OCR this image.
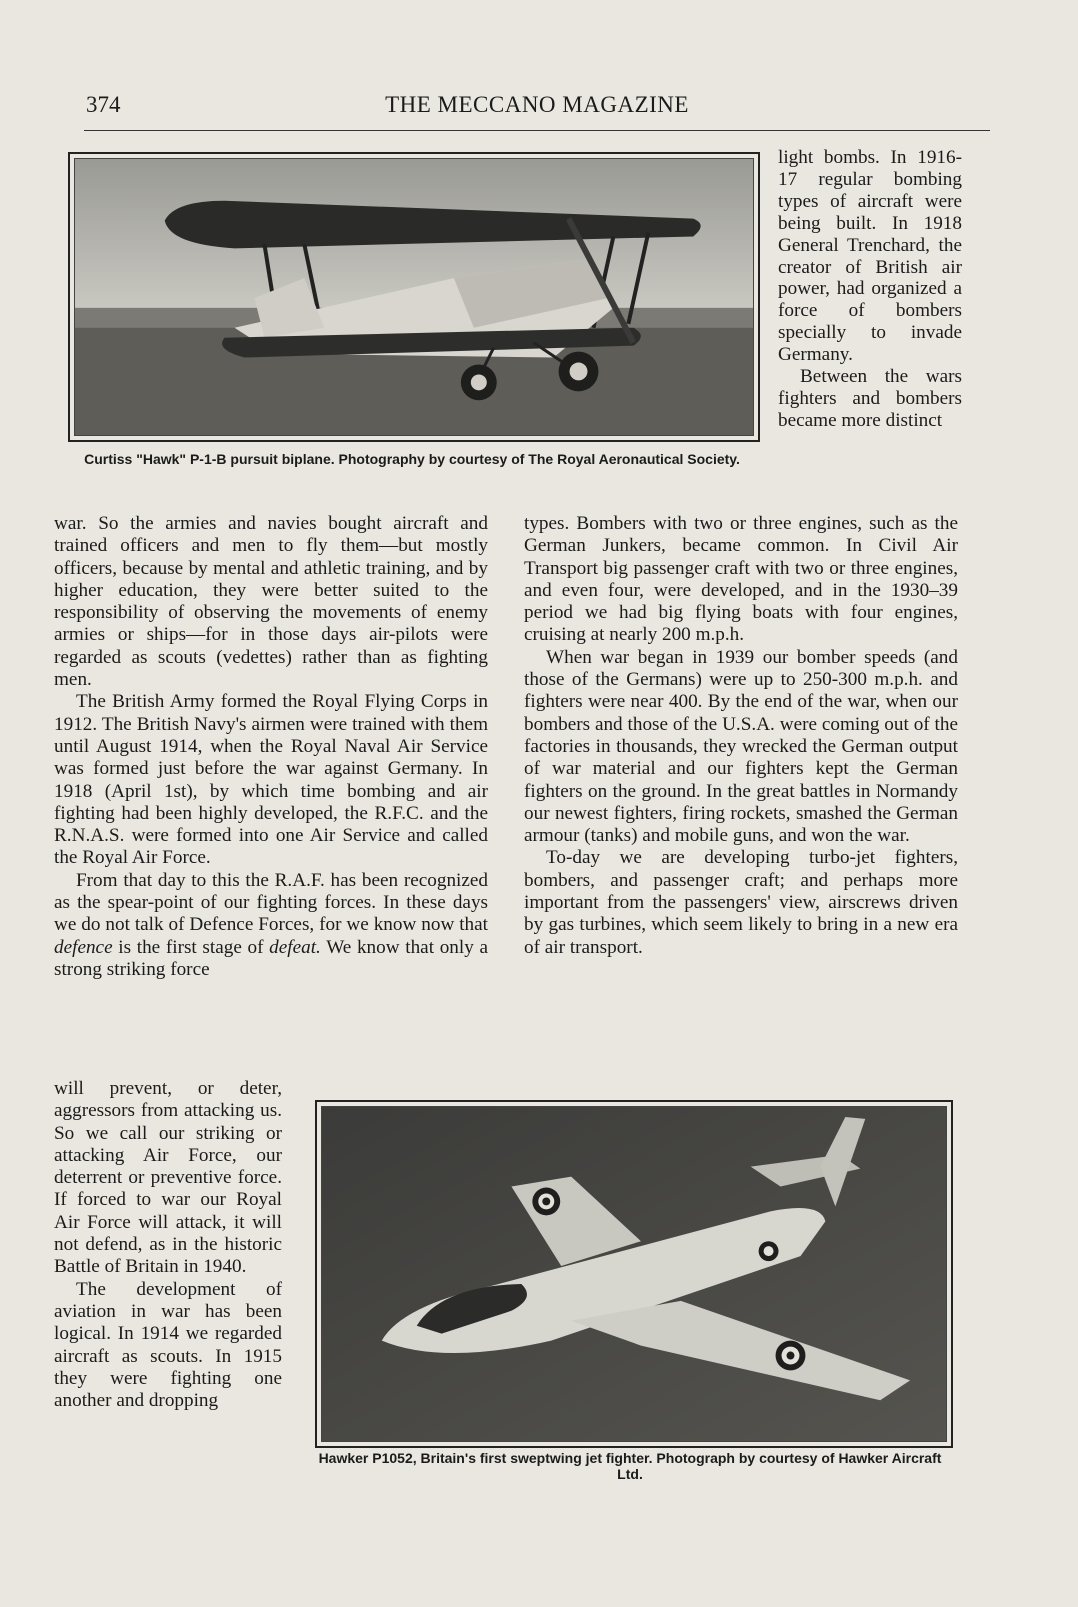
374	THE MECCANO MAGAZINE
Curtiss "Hawk" P-1-B pursuit biplane. Photography by courtesy of The Royal Aeronautical Society.

light bombs. In 1916-17 regular bombing types of aircraft were being built. In 1918 General Trenchard, the creator of British air power, had organized a force of bombers specially to invade Germany.

Between the wars fighters and bombers became more distinct

war. So the armies and navies bought aircraft and trained officers and men to fly them—but mostly officers, because by mental and athletic training, and by higher education, they were better suited to the responsibility of observing the movements of enemy armies or ships—for in those days air-pilots were regarded as scouts (vedettes) rather than as fighting men.

The British Army formed the Royal Flying Corps in 1912. The British Navy's airmen were trained with them until August 1914, when the Royal Naval Air Service was formed just before the war against Germany. In 1918 (April 1st), by which time bombing and air fighting had been highly developed, the R.F.C. and the R.N.A.S. were formed into one Air Service and called the Royal Air Force.

From that day to this the R.A.F. has been recognized as the spear-point of our fighting forces. In these days we do not talk of Defence Forces, for we know now that defence is the first stage of defeat. We know that only a strong striking force

types. Bombers with two or three engines, such as the German Junkers, became common. In Civil Air Transport big passenger craft with two or three engines, and even four, were developed, and in the 1930–39 period we had big flying boats with four engines, cruising at nearly 200 m.p.h.

When war began in 1939 our bomber speeds (and those of the Germans) were up to 250-300 m.p.h. and fighters were near 400. By the end of the war, when our bombers and those of the U.S.A. were coming out of the factories in thousands, they wrecked the German output of war material and our fighters kept the German fighters on the ground. In the great battles in Normandy our newest fighters, firing rockets, smashed the German armour (tanks) and mobile guns, and won the war.

To-day we are developing turbo-jet fighters, bombers, and passenger craft; and perhaps more important from the passengers' view, airscrews driven by gas turbines, which seem likely to bring in a new era of air transport.

will prevent, or deter, aggressors from attacking us. So we call our striking or attacking Air Force, our deterrent or preventive force. If forced to war our Royal Air Force will attack, it will not defend, as in the historic Battle of Britain in 1940.

The development of aviation in war has been logical. In 1914 we regarded aircraft as scouts. In 1915 they were fighting one another and dropping

Hawker P1052, Britain's first sweptwing jet fighter. Photograph by courtesy of Hawker Aircraft Ltd.
